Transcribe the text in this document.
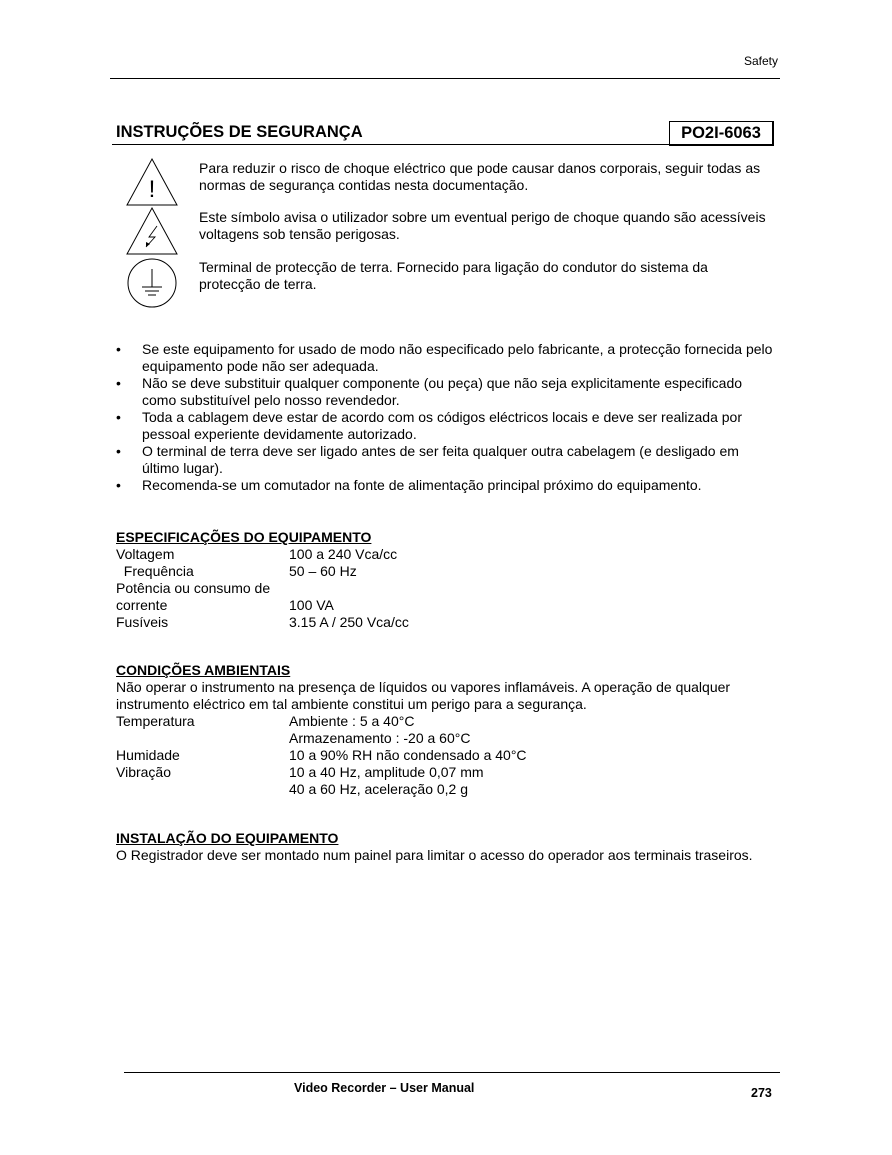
Safety
INSTRUÇÕES DE SEGURANÇA	PO2I-6063
!
Para reduzir o risco de choque eléctrico que pode causar danos corporais, seguir todas as normas de segurança contidas nesta documentação.
Este símbolo avisa o utilizador sobre um eventual perigo de choque quando são acessíveis voltagens sob tensão perigosas.
Terminal de protecção de terra. Fornecido para ligação do condutor do sistema da protecção de terra.
• Se este equipamento for usado de modo não especificado pelo fabricante, a protecção fornecida pelo equipamento pode não ser adequada.
• Não se deve substituir qualquer componente (ou peça) que não seja explicitamente especificado como substituível pelo nosso revendedor.
• Toda a cablagem deve estar de acordo com os códigos eléctricos locais e deve ser realizada por pessoal experiente devidamente autorizado.
• O terminal de terra deve ser ligado antes de ser feita qualquer outra cabelagem (e desligado em último lugar).
• Recomenda-se um comutador na fonte de alimentação principal próximo do equipamento.
ESPECIFICAÇÕES DO EQUIPAMENTO
Voltagem	100 a 240 Vca/cc
Frequência	50 – 60 Hz
Potência ou consumo de
corrente	100 VA
Fusíveis	3.15 A / 250 Vca/cc
CONDIÇÕES AMBIENTAIS
Não operar o instrumento na presença de líquidos ou vapores inflamáveis. A operação de qualquer instrumento eléctrico em tal ambiente constitui um perigo para a segurança.
Temperatura	Ambiente : 5 a 40°C
Armazenamento : -20 a 60°C
Humidade	10 a 90% RH não condensado a 40°C
Vibração	10 a 40 Hz, amplitude 0,07 mm
40 a 60 Hz, aceleração 0,2 g
INSTALAÇÃO DO EQUIPAMENTO
O Registrador deve ser montado num painel para limitar o acesso do operador aos terminais traseiros.
Video Recorder – User Manual	273
